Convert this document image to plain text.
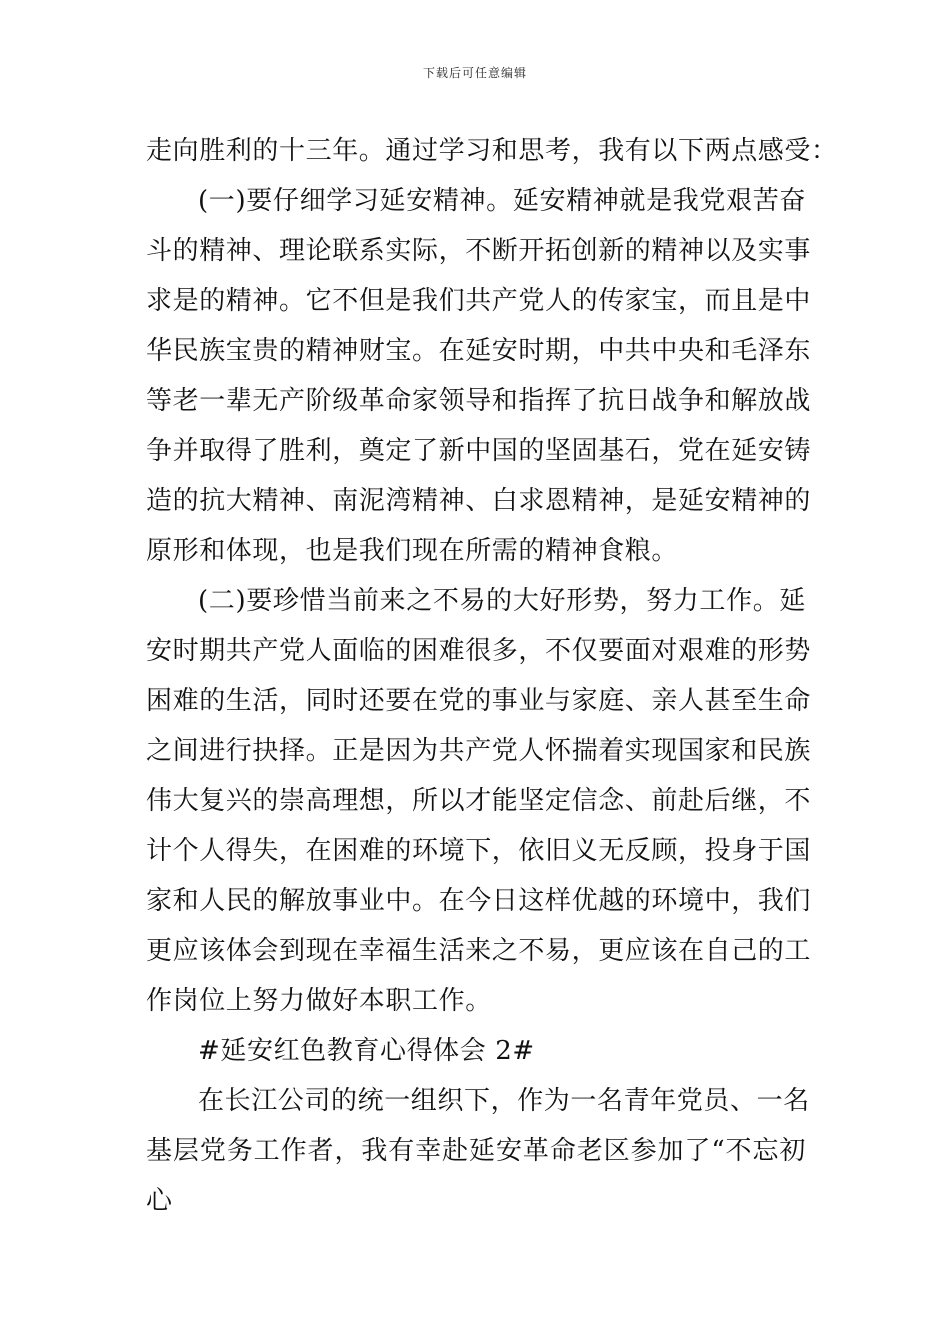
下载后可任意编辑
走向胜利的十三年。通过学习和思考，我有以下两点感受：
(一)要仔细学习延安精神。延安精神就是我党艰苦奋
斗的精神、理论联系实际，不断开拓创新的精神以及实事
求是的精神。它不但是我们共产党人的传家宝，而且是中
华民族宝贵的精神财宝。在延安时期，中共中央和毛泽东
等老一辈无产阶级革命家领导和指挥了抗日战争和解放战
争并取得了胜利，奠定了新中国的坚固基石，党在延安铸
造的抗大精神、南泥湾精神、白求恩精神，是延安精神的
原形和体现，也是我们现在所需的精神食粮。
(二)要珍惜当前来之不易的大好形势，努力工作。延
安时期共产党人面临的困难很多，不仅要面对艰难的形势
困难的生活，同时还要在党的事业与家庭、亲人甚至生命
之间进行抉择。正是因为共产党人怀揣着实现国家和民族
伟大复兴的崇高理想，所以才能坚定信念、前赴后继，不
计个人得失，在困难的环境下，依旧义无反顾，投身于国
家和人民的解放事业中。在今日这样优越的环境中，我们
更应该体会到现在幸福生活来之不易，更应该在自己的工
作岗位上努力做好本职工作。
#延安红色教育心得体会 2#
在长江公司的统一组织下，作为一名青年党员、一名
基层党务工作者，我有幸赴延安革命老区参加了“不忘初
心
